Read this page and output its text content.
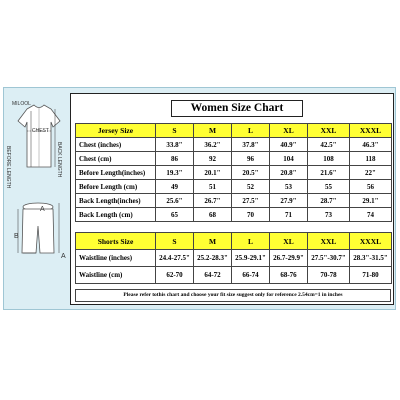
MILOOL
CHEST
BEFORE LENGTH	BACK LENGTH
A
B
A
Women Size Chart
Jersey Size	S	M	L	XL	XXL	XXXL
Chest (inches)	33.8"	36.2"	37.8"	40.9"	42.5"	46.3"
Chest (cm)	86	92	96	104	108	118
Before Length(inches)	19.3"	20.1"	20.5"	20.8"	21.6"	22"
Before Length (cm)	49	51	52	53	55	56
Back Length(inches)	25.6"	26.7"	27.5"	27.9"	28.7"	29.1"
Back Length (cm)	65	68	70	71	73	74
Shorts Size	S	M	L	XL	XXL	XXXL
Waistline (inches)	24.4-27.5"	25.2-28.3"	25.9-29.1"	26.7-29.9"	27.5"-30.7"	28.3"-31.5"
Waistline (cm)	62-70	64-72	66-74	68-76	70-78	71-80
Please refer tothis chart and choose your fit size suggest only for reference 2.54cm=1 in inches
